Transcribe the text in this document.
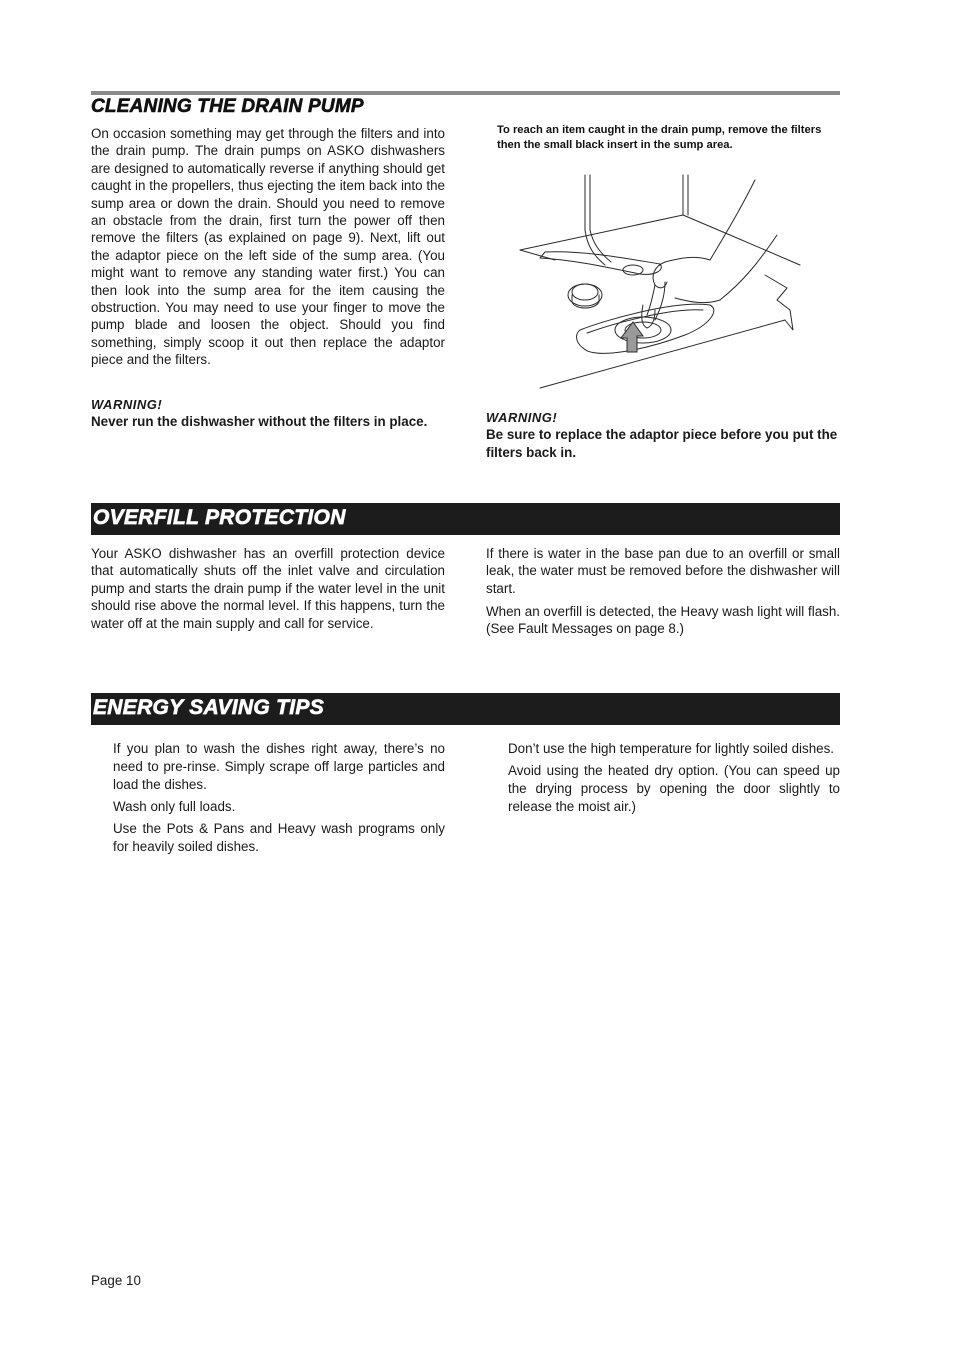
CLEANING THE DRAIN PUMP

On occasion something may get through the filters and into the drain pump. The drain pumps on ASKO dishwashers are designed to automatically reverse if anything should get caught in the propellers, thus ejecting the item back into the sump area or down the drain. Should you need to remove an obstacle from the drain, first turn the power off then remove the filters (as explained on page 9). Next, lift out the adaptor piece on the left side of the sump area. (You might want to remove any standing water first.) You can then look into the sump area for the item causing the obstruction. You may need to use your finger to move the pump blade and loosen the object. Should you find something, simply scoop it out then replace the adaptor piece and the filters.

WARNING!
Never run the dishwasher without the filters in place.
To reach an item caught in the drain pump, remove the filters then the small black insert in the sump area.
WARNING!
Be sure to replace the adaptor piece before you put the filters back in.
OVERFILL PROTECTION

Your ASKO dishwasher has an overfill protection device that automatically shuts off the inlet valve and circulation pump and starts the drain pump if the water level in the unit should rise above the normal level. If this happens, turn the water off at the main supply and call for service.

If there is water in the base pan due to an overfill or small leak, the water must be removed before the dishwasher will start.

When an overfill is detected, the Heavy wash light will flash. (See Fault Messages on page 8.)

ENERGY SAVING TIPS

If you plan to wash the dishes right away, there’s no need to pre-rinse. Simply scrape off large particles and load the dishes.

Wash only full loads.

Use the Pots & Pans and Heavy wash programs only for heavily soiled dishes.

Don’t use the high temperature for lightly soiled dishes.

Avoid using the heated dry option. (You can speed up the drying process by opening the door slightly to release the moist air.)

Page 10
